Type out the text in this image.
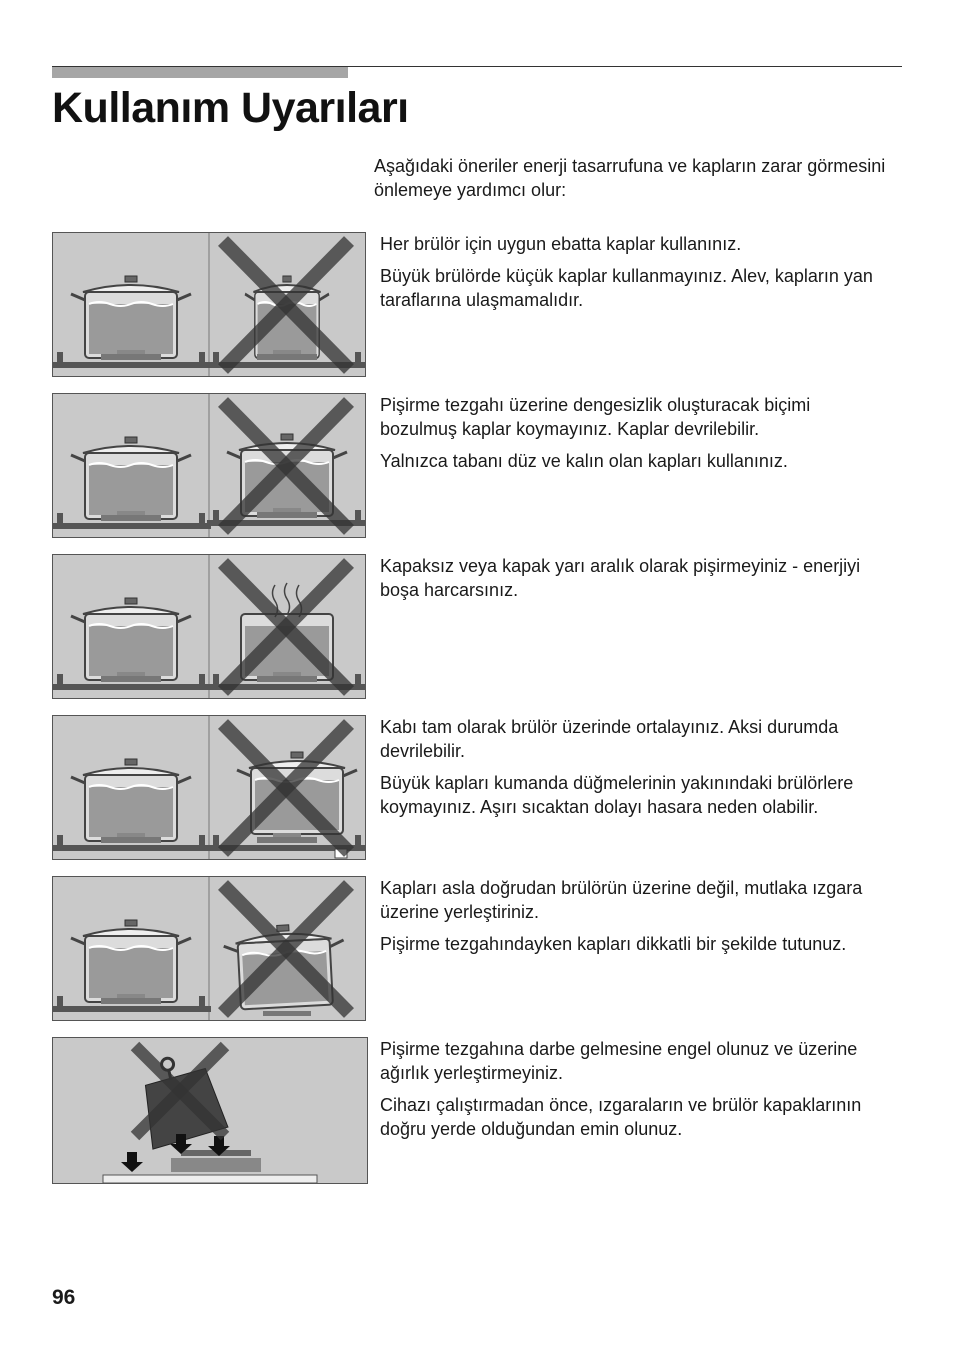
Kullanım Uyarıları

Aşağıdaki öneriler enerji tasarrufuna ve kapların zarar görmesini önlemeye yardımcı olur:

Her brülör için uygun ebatta kaplar kullanınız.

Büyük brülörde küçük kaplar kullanmayınız. Alev, kapların yan taraflarına ulaşmamalıdır.

Pişirme tezgahı üzerine dengesizlik oluşturacak biçimi bozulmuş kaplar koymayınız. Kaplar devrilebilir.

Yalnızca tabanı düz ve kalın olan kapları kullanınız.

Kapaksız veya kapak yarı aralık olarak pişirmeyiniz - enerjiyi boşa harcarsınız.

Kabı tam olarak brülör üzerinde ortalayınız. Aksi durumda devrilebilir.

Büyük kapları kumanda düğmelerinin yakınındaki brülörlere koymayınız. Aşırı sıcaktan dolayı hasara neden olabilir.

Kapları asla doğrudan brülörün üzerine değil, mutlaka ızgara üzerine yerleştiriniz.

Pişirme tezgahındayken kapları dikkatli bir şekilde tutunuz.

Pişirme tezgahına darbe gelmesine engel olunuz ve üzerine ağırlık yerleştirmeyiniz.

Cihazı çalıştırmadan önce, ızgaraların ve brülör kapaklarının doğru yerde olduğundan emin olunuz.

96
